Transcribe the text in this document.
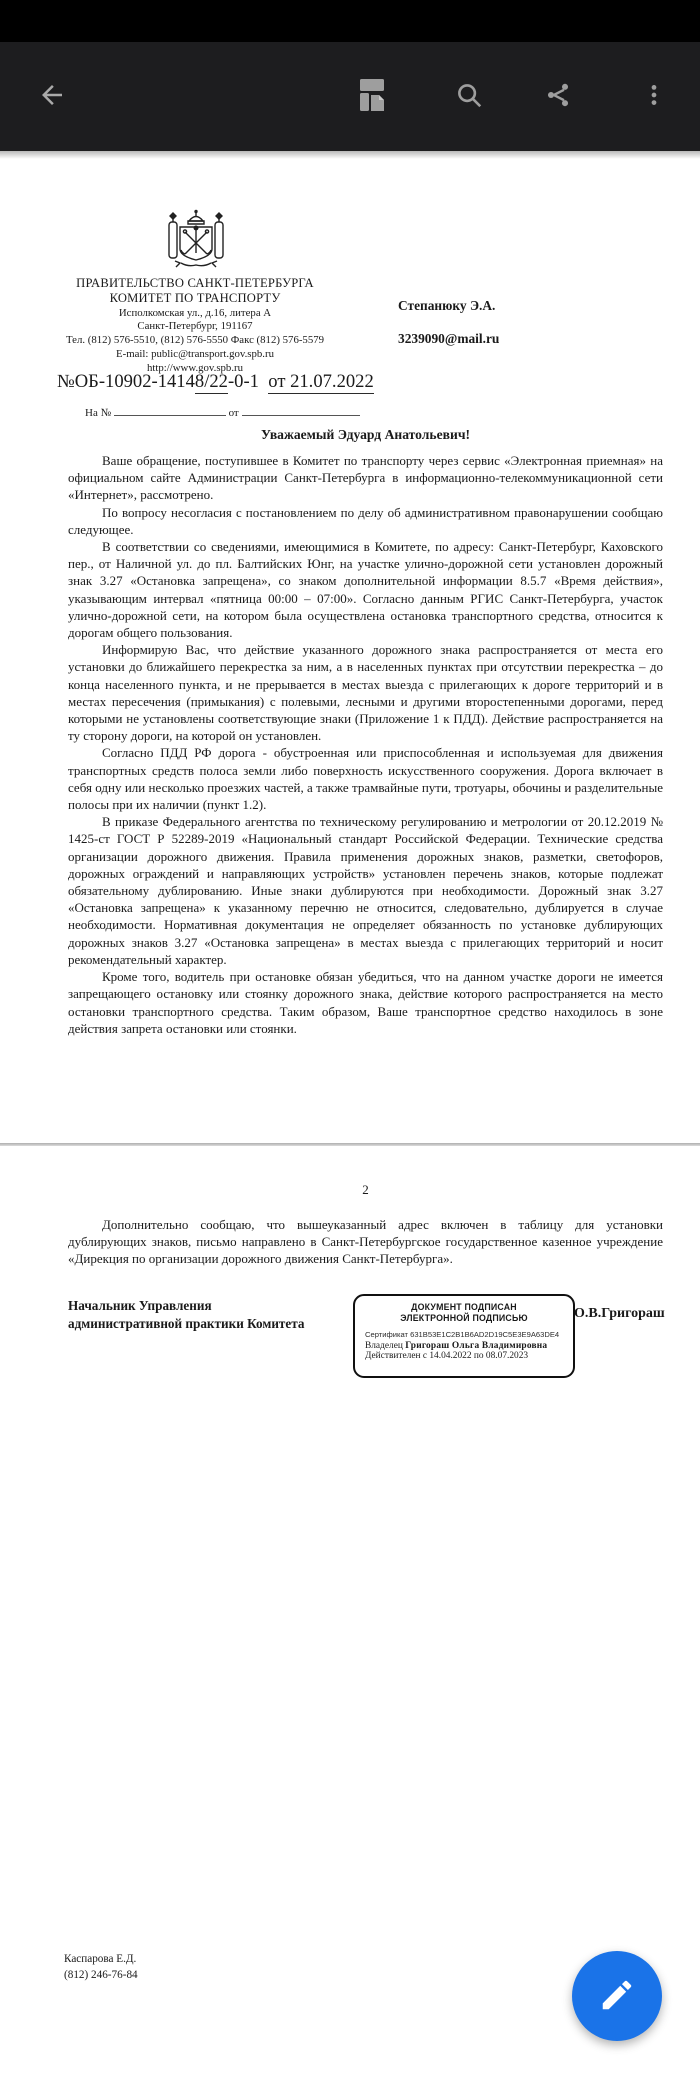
ПРАВИТЕЛЬСТВО САНКТ-ПЕТЕРБУРГА
КОМИТЕТ ПО ТРАНСПОРТУ
Исполкомская ул., д.16, литера А
Санкт-Петербург, 191167
Тел. (812) 576-5510, (812) 576-5550 Факс (812) 576-5579
E-mail: public@transport.gov.spb.ru
http://www.gov.spb.ru
№ОБ-10902-14148/22-0-1  от 21.07.2022
На №	от
Степанюку Э.А.
3239090@mail.ru
Уважаемый Эдуард Анатольевич!

Ваше обращение, поступившее в Комитет по транспорту через сервис «Электронная приемная» на официальном сайте Администрации Санкт-Петербурга в информационно-телекоммуникационной сети «Интернет», рассмотрено.

По вопросу несогласия с постановлением по делу об административном правонарушении сообщаю следующее.

В соответствии со сведениями, имеющимися в Комитете, по адресу: Санкт-Петербург, Каховского пер., от Наличной ул. до пл. Балтийских Юнг, на участке улично-дорожной сети установлен дорожный знак 3.27 «Остановка запрещена», со знаком дополнительной информации 8.5.7 «Время действия», указывающим интервал «пятница 00:00 – 07:00». Согласно данным РГИС Санкт-Петербурга, участок улично-дорожной сети, на котором была осуществлена остановка транспортного средства, относится к дорогам общего пользования.

Информирую Вас, что действие указанного дорожного знака распространяется от места его установки до ближайшего перекрестка за ним, а в населенных пунктах при отсутствии перекрестка – до конца населенного пункта, и не прерывается в местах выезда с прилегающих к дороге территорий и в местах пересечения (примыкания) с полевыми, лесными и другими второстепенными дорогами, перед которыми не установлены соответствующие знаки (Приложение 1 к ПДД). Действие распространяется на ту сторону дороги, на которой он установлен.

Согласно ПДД РФ дорога - обустроенная или приспособленная и используемая для движения транспортных средств полоса земли либо поверхность искусственного сооружения. Дорога включает в себя одну или несколько проезжих частей, а также трамвайные пути, тротуары, обочины и разделительные полосы при их наличии (пункт 1.2).

В приказе Федерального агентства по техническому регулированию и метрологии от 20.12.2019 № 1425-ст ГОСТ Р 52289-2019 «Национальный стандарт Российской Федерации. Технические средства организации дорожного движения. Правила применения дорожных знаков, разметки, светофоров, дорожных ограждений и направляющих устройств» установлен перечень знаков, которые подлежат обязательному дублированию. Иные знаки дублируются при необходимости. Дорожный знак 3.27 «Остановка запрещена» к указанному перечню не относится, следовательно, дублируется в случае необходимости. Нормативная документация не определяет обязанность по установке дублирующих дорожных знаков 3.27 «Остановка запрещена» в местах выезда с прилегающих территорий и носит рекомендательный характер.

Кроме того, водитель при остановке обязан убедиться, что на данном участке дороги не имеется запрещающего остановку или стоянку дорожного знака, действие которого распространяется на место остановки транспортного средства. Таким образом, Ваше транспортное средство находилось в зоне действия запрета остановки или стоянки.

2

Дополнительно сообщаю, что вышеуказанный адрес включен в таблицу для установки дублирующих знаков, письмо направлено в Санкт-Петербургское государственное казенное учреждение «Дирекция по организации дорожного движения Санкт-Петербурга».

Начальник Управления
административной практики Комитета
ДОКУМЕНТ ПОДПИСАН
ЭЛЕКТРОННОЙ ПОДПИСЬЮ
Сертификат 631B53E1C2B1B6AD2D19C5E3E9A63DE4
Владелец Григораш Ольга Владимировна
Действителен с 14.04.2022 по 08.07.2023
О.В.Григораш
Каспарова Е.Д.
(812) 246-76-84
